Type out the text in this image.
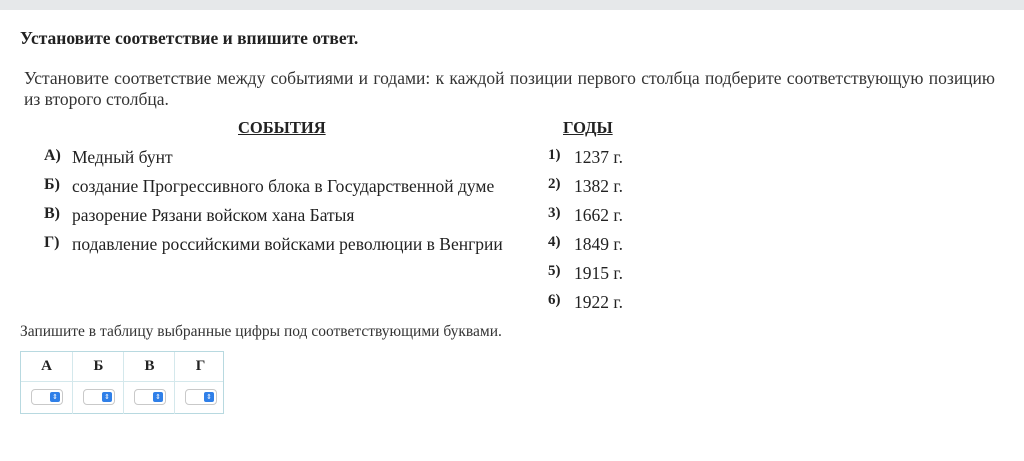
Установите соответствие и впишите ответ.
Установите соответствие между событиями и годами: к каждой позиции первого столбца подберите соответствующую позицию из второго столбца.
СОБЫТИЯ	ГОДЫ
А) Медный бунт
Б) создание Прогрессивного блока в Государственной думе
В) разорение Рязани войском хана Батыя
Г) подавление российскими войсками революции в Венгрии
1) 1237 г.
2) 1382 г.
3) 1662 г.
4) 1849 г.
5) 1915 г.
6) 1922 г.
Запишите в таблицу выбранные цифры под соответствующими буквами.
А
⇕
Б
⇕
В
⇕
Г
⇕
